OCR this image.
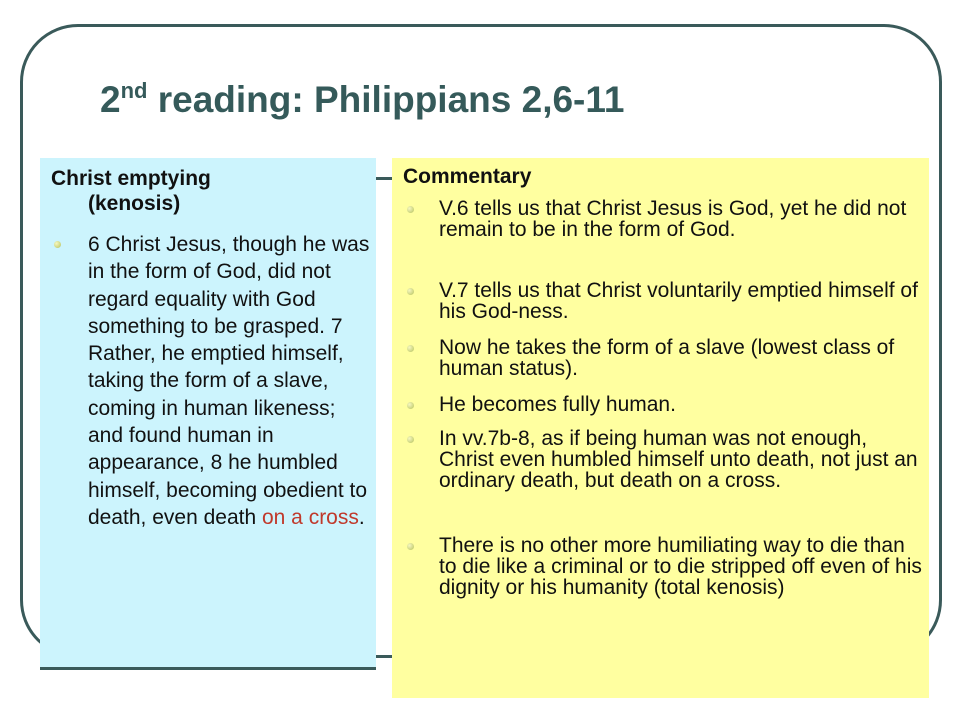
2nd reading: Philippians 2,6-11
Christ emptying
(kenosis)
6 Christ Jesus, though he was in the form of God, did not regard equality with God something to be grasped. 7 Rather, he emptied himself, taking the form of a slave, coming in human likeness; and found human in appearance, 8 he humbled himself, becoming obedient to death, even death on a cross.
Commentary
V.6 tells us that Christ Jesus is God, yet he did not remain to be in the form of God.
V.7 tells us that Christ voluntarily emptied himself of his God-ness.
Now he takes the form of a slave (lowest class of human status).
He becomes fully human.
In vv.7b-8, as if being human was not enough, Christ even humbled himself unto death, not just an ordinary death, but death on a cross.
There is no other more humiliating way to die than to die like a criminal or to die stripped off even of his dignity or his humanity (total kenosis)
